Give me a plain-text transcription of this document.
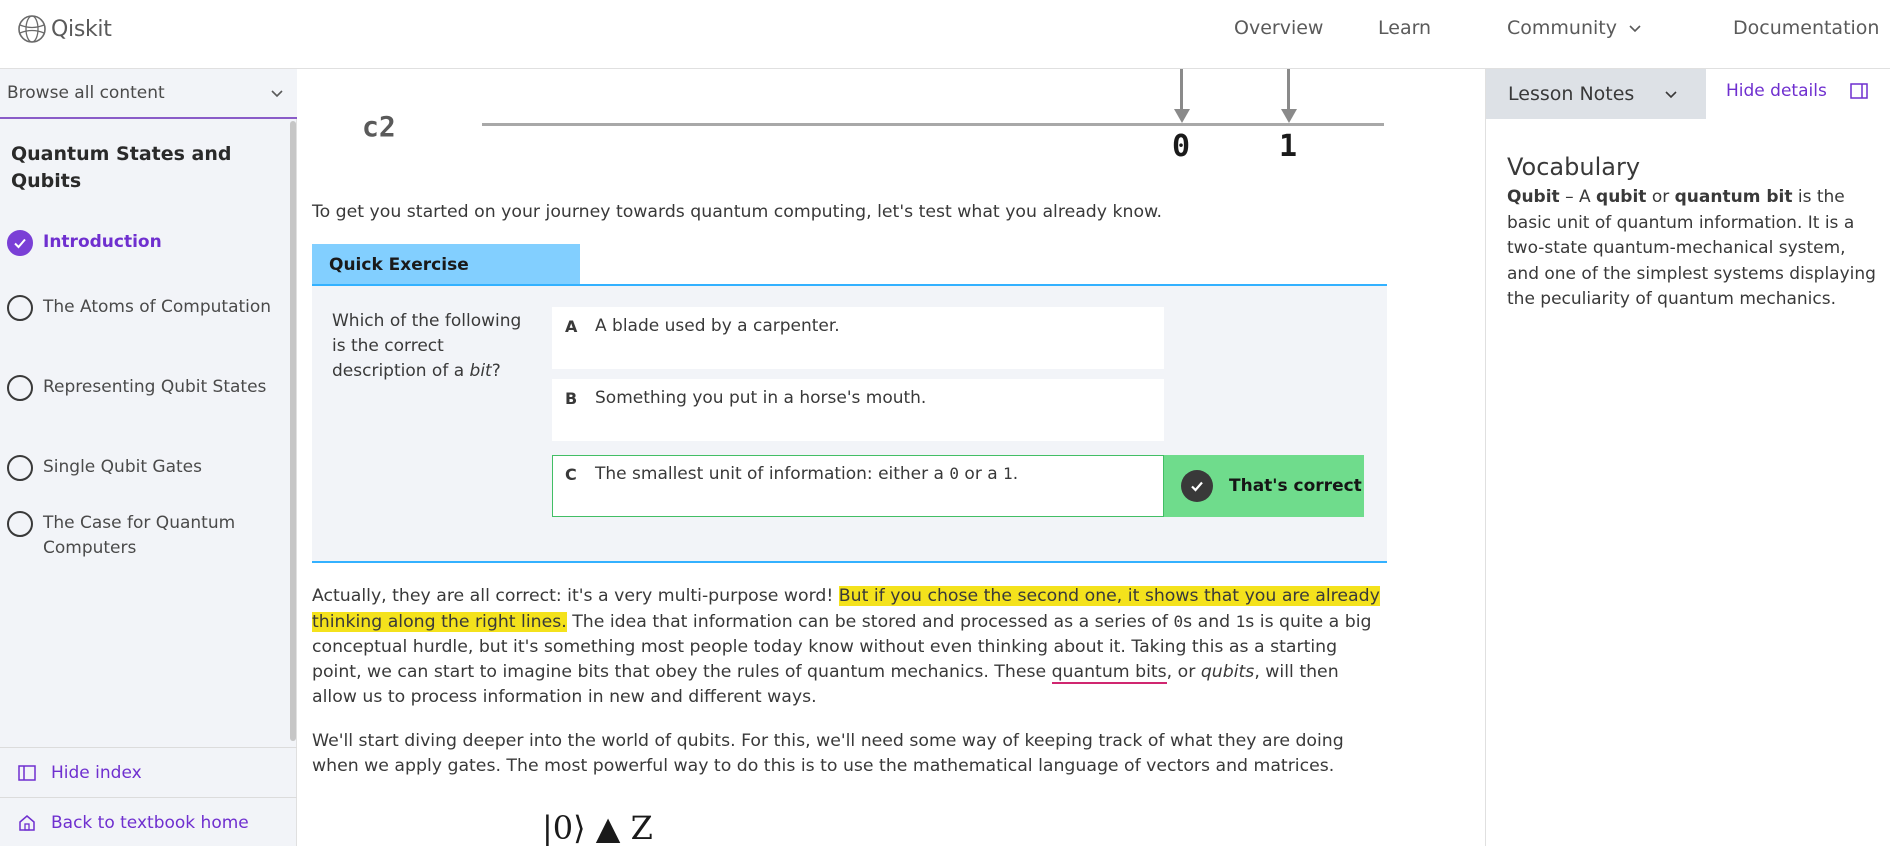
Qiskit	Overview	Learn	Community	Documentation
Browse all content
Quantum States and Qubits
Introduction
The Atoms of Computation
Representing Qubit States
Single Qubit Gates
The Case for Quantum Computers
Hide index
Back to textbook home
c2
0	1

To get you started on your journey towards quantum computing, let's test what you already know.

Quick Exercise
Which of the following is the correct description of a bit?
A A blade used by a carpenter.
B Something you put in a horse's mouth.
C The smallest unit of information: either a 0 or a 1.
That's correct

Actually, they are all correct: it's a very multi-purpose word! But if you chose the second one, it shows that you are already thinking along the right lines. The idea that information can be stored and processed as a series of 0s and 1s is quite a big conceptual hurdle, but it's something most people today know without even thinking about it. Taking this as a starting point, we can start to imagine bits that obey the rules of quantum mechanics. These quantum bits, or qubits, will then allow us to process information in new and different ways.

We'll start diving deeper into the world of qubits. For this, we'll need some way of keeping track of what they are doing when we apply gates. The most powerful way to do this is to use the mathematical language of vectors and matrices.

|0⟩ ▲ Z
Lesson Notes	Hide details
Vocabulary
Qubit – A qubit or quantum bit is the basic unit of quantum information. It is a two-state quantum-mechanical system, and one of the simplest systems displaying the peculiarity of quantum mechanics.
